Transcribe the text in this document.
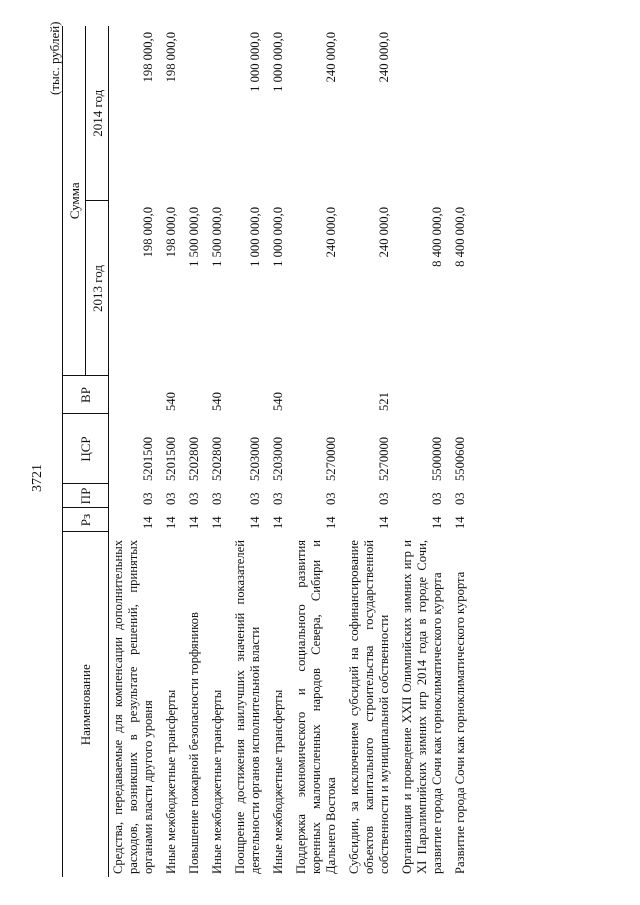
3721
(тыс. рублей)
Наименование	Рз	ПР	ЦСР	ВР	Сумма	
					2013 год	2014 год
Средства, передаваемые для компенсации дополнительных расходов, возникших в результате решений, принятых органами власти другого уровня	14	03	5201500		198 000,0	198 000,0
Иные межбюджетные трансферты	14	03	5201500	540	198 000,0	198 000,0
Повышение пожарной безопасности торфяников	14	03	5202800		1 500 000,0	
Иные межбюджетные трансферты	14	03	5202800	540	1 500 000,0	
Поощрение достижения наилучших значений показателей деятельности органов исполнительной власти	14	03	5203000		1 000 000,0	1 000 000,0
Иные межбюджетные трансферты	14	03	5203000	540	1 000 000,0	1 000 000,0
Поддержка экономического и социального развития коренных малочисленных народов Севера, Сибири и Дальнего Востока	14	03	5270000		240 000,0	240 000,0
Субсидии, за исключением субсидий на софинансирование объектов капитального строительства государственной собственности и муниципальной собственности	14	03	5270000	521	240 000,0	240 000,0
Организация и проведение XXII Олимпийских зимних игр и XI Паралимпийских зимних игр 2014 года в городе Сочи, развитие города Сочи как горноклиматического курорта	14	03	5500000		8 400 000,0	
Развитие города Сочи как горноклиматического курорта	14	03	5500600		8 400 000,0	
